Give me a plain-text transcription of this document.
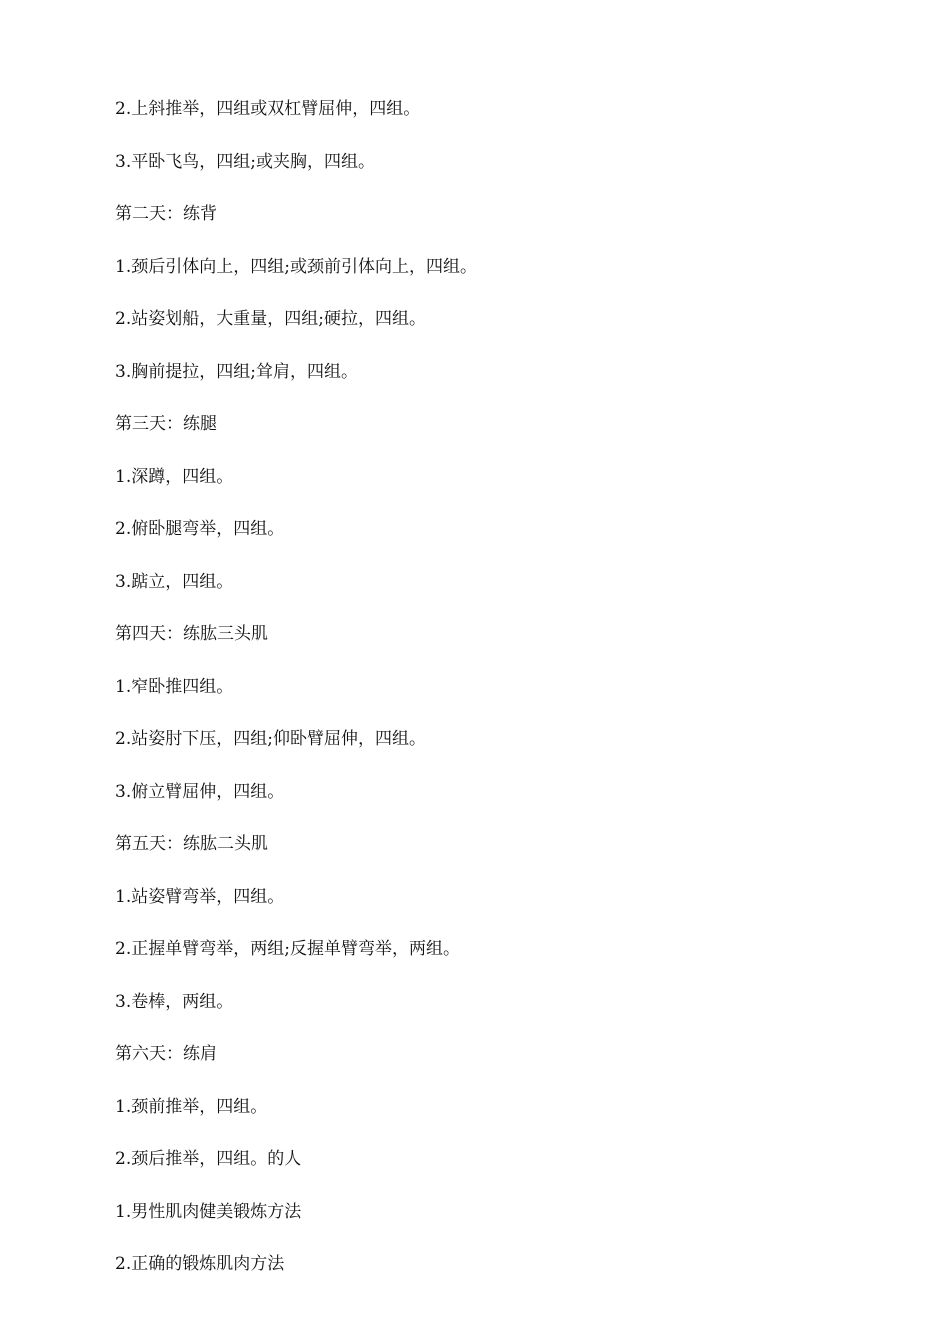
2.上斜推举，四组或双杠臂屈伸，四组。

3.平卧飞鸟，四组;或夹胸，四组。

第二天：练背

1.颈后引体向上，四组;或颈前引体向上，四组。

2.站姿划船，大重量，四组;硬拉，四组。

3.胸前提拉，四组;耸肩，四组。

第三天：练腿

1.深蹲，四组。

2.俯卧腿弯举，四组。

3.踮立，四组。

第四天：练肱三头肌

1.窄卧推四组。

2.站姿肘下压，四组;仰卧臂屈伸，四组。

3.俯立臂屈伸，四组。

第五天：练肱二头肌

1.站姿臂弯举，四组。

2.正握单臂弯举，两组;反握单臂弯举，两组。

3.卷棒，两组。

第六天：练肩

1.颈前推举，四组。

2.颈后推举，四组。的人

1.男性肌肉健美锻炼方法

2.正确的锻炼肌肉方法
